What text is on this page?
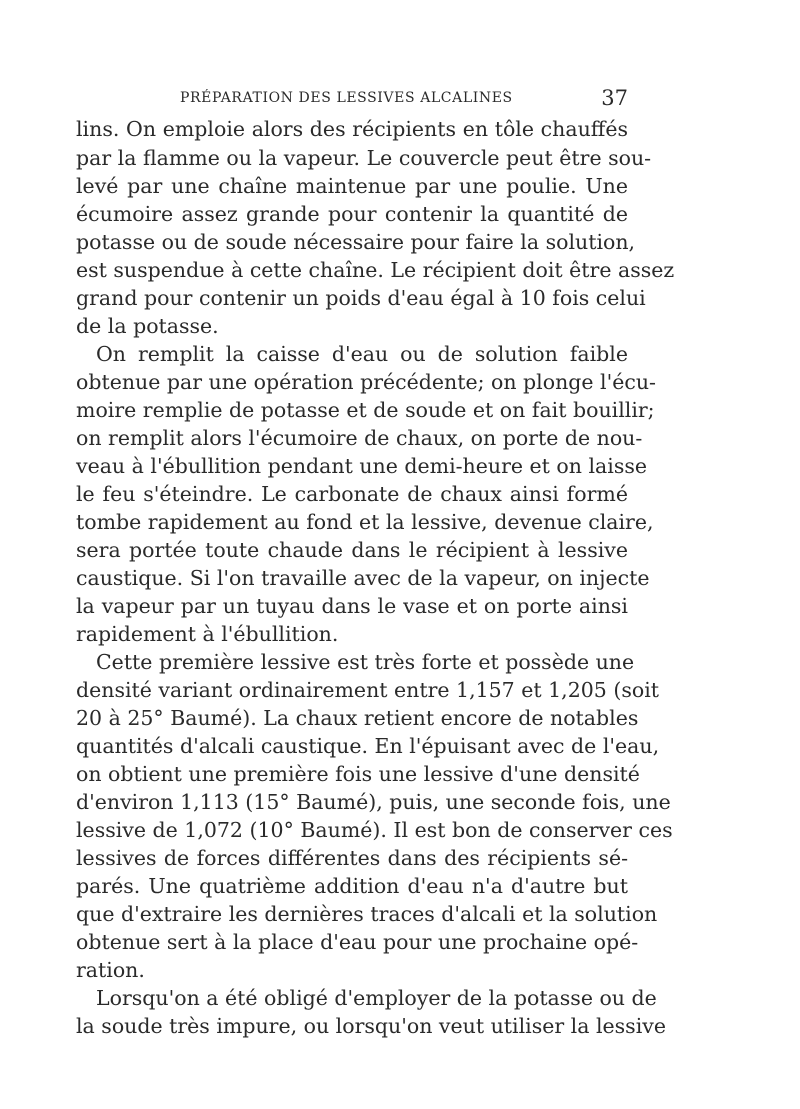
PRÉPARATION DES LESSIVES ALCALINES	37
lins. On emploie alors des récipients en tôle chauffés
par la flamme ou la vapeur. Le couvercle peut être sou-
levé par une chaîne maintenue par une poulie. Une
écumoire assez grande pour contenir la quantité de
potasse ou de soude nécessaire pour faire la solution,
est suspendue à cette chaîne. Le récipient doit être assez
grand pour contenir un poids d'eau égal à 10 fois celui
de la potasse.
On remplit la caisse d'eau ou de solution faible
obtenue par une opération précédente; on plonge l'écu-
moire remplie de potasse et de soude et on fait bouillir;
on remplit alors l'écumoire de chaux, on porte de nou-
veau à l'ébullition pendant une demi-heure et on laisse
le feu s'éteindre. Le carbonate de chaux ainsi formé
tombe rapidement au fond et la lessive, devenue claire,
sera portée toute chaude dans le récipient à lessive
caustique. Si l'on travaille avec de la vapeur, on injecte
la vapeur par un tuyau dans le vase et on porte ainsi
rapidement à l'ébullition.
Cette première lessive est très forte et possède une
densité variant ordinairement entre 1,157 et 1,205 (soit
20 à 25° Baumé). La chaux retient encore de notables
quantités d'alcali caustique. En l'épuisant avec de l'eau,
on obtient une première fois une lessive d'une densité
d'environ 1,113 (15° Baumé), puis, une seconde fois, une
lessive de 1,072 (10° Baumé). Il est bon de conserver ces
lessives de forces différentes dans des récipients sé-
parés. Une quatrième addition d'eau n'a d'autre but
que d'extraire les dernières traces d'alcali et la solution
obtenue sert à la place d'eau pour une prochaine opé-
ration.
Lorsqu'on a été obligé d'employer de la potasse ou de
la soude très impure, ou lorsqu'on veut utiliser la lessive
